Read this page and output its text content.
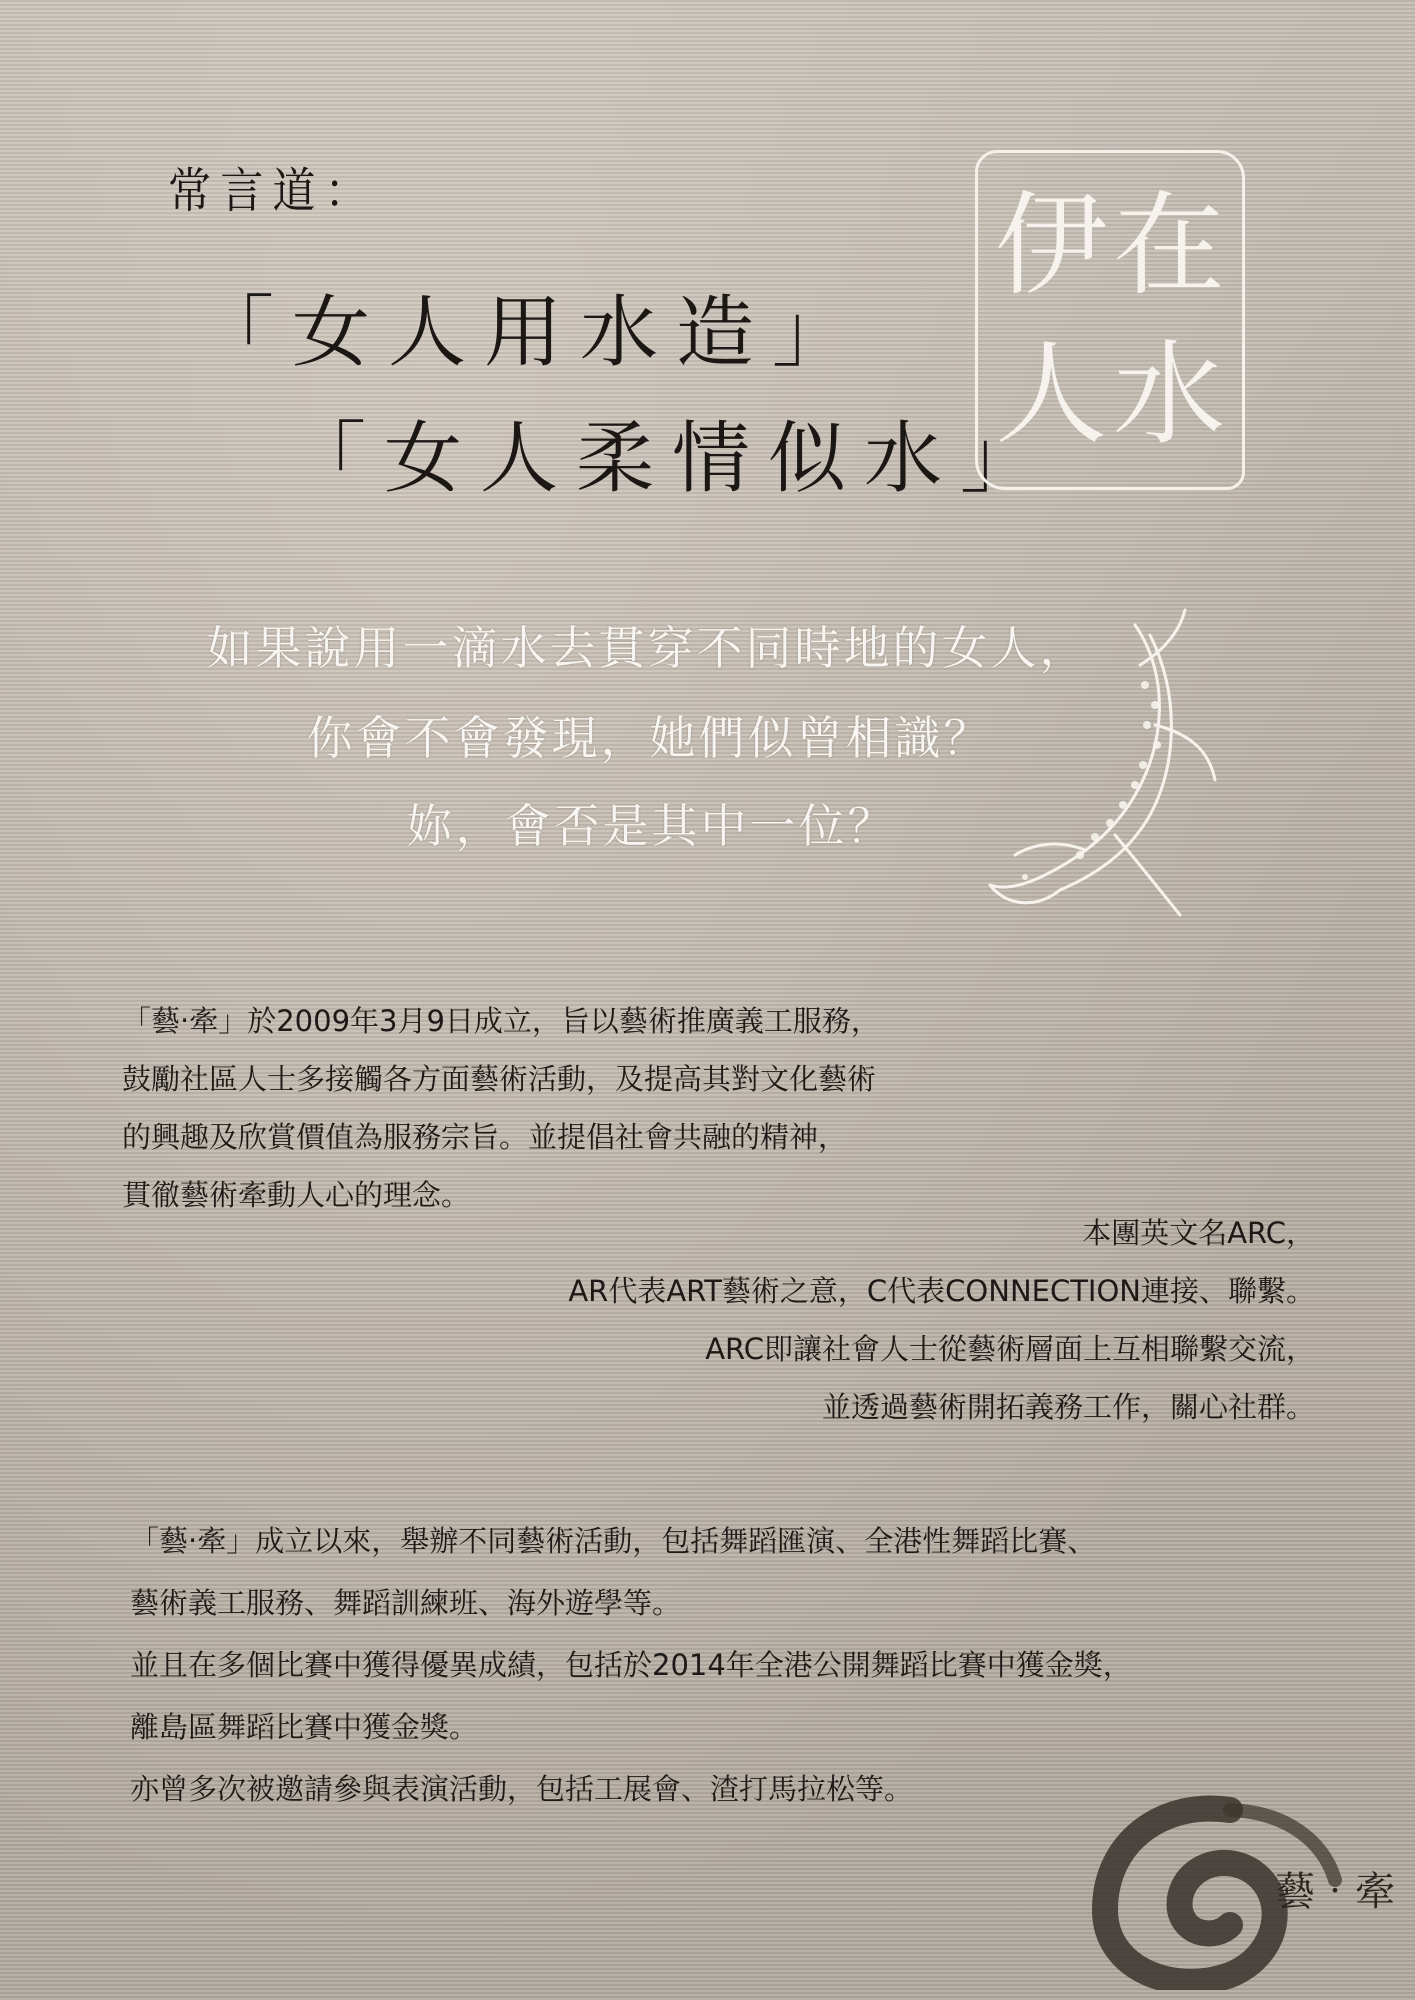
常言道：
「女人用水造」
「女人柔情似水」
伊 在
人 水
如果說用一滴水去貫穿不同時地的女人，
你會不會發現，她們似曾相識？
妳，會否是其中一位？
「藝‧牽」於2009年3月9日成立，旨以藝術推廣義工服務，
鼓勵社區人士多接觸各方面藝術活動，及提高其對文化藝術
的興趣及欣賞價值為服務宗旨。並提倡社會共融的精神，
貫徹藝術牽動人心的理念。
本團英文名ARC，
AR代表ART藝術之意，C代表CONNECTION連接、聯繫。
ARC即讓社會人士從藝術層面上互相聯繫交流，
並透過藝術開拓義務工作，關心社群。
「藝‧牽」成立以來，舉辦不同藝術活動，包括舞蹈匯演、全港性舞蹈比賽、
藝術義工服務、舞蹈訓練班、海外遊學等。
並且在多個比賽中獲得優異成績，包括於2014年全港公開舞蹈比賽中獲金獎，
離島區舞蹈比賽中獲金獎。
亦曾多次被邀請參與表演活動，包括工展會、渣打馬拉松等。
藝‧牽
